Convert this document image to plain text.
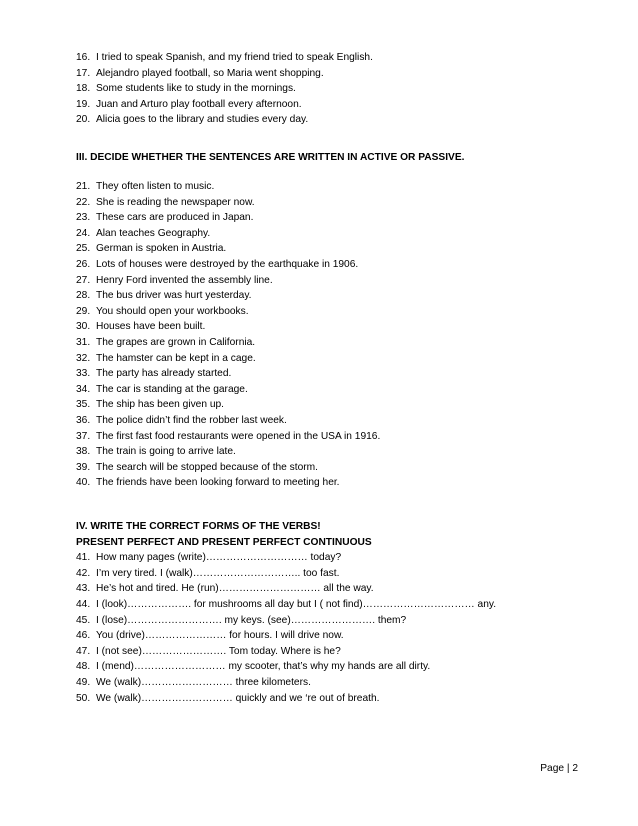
16. I tried to speak Spanish, and my friend tried to speak English.
17. Alejandro played football, so Maria went shopping.
18. Some students like to study in the mornings.
19. Juan and Arturo play football every afternoon.
20. Alicia goes to the library and studies every day.
III. DECIDE WHETHER THE SENTENCES ARE WRITTEN IN ACTIVE OR PASSIVE.
21. They often listen to music.
22. She is reading the newspaper now.
23. These cars are produced in Japan.
24. Alan teaches Geography.
25. German is spoken in Austria.
26. Lots of houses were destroyed by the earthquake in 1906.
27. Henry Ford invented the assembly line.
28. The bus driver was hurt yesterday.
29. You should open your workbooks.
30. Houses have been built.
31. The grapes are grown in California.
32. The hamster can be kept in a cage.
33. The party has already started.
34. The car is standing at the garage.
35. The ship has been given up.
36. The police didn’t find the robber last week.
37. The first fast food restaurants were opened in the USA in 1916.
38. The train is going to arrive late.
39. The search will be stopped because of the storm.
40. The friends have been looking forward to meeting her.
IV. WRITE THE CORRECT FORMS OF THE VERBS!
PRESENT PERFECT AND PRESENT PERFECT CONTINUOUS
41. How many pages (write)………………………… today?
42. I’m very tired. I (walk)………………………….. too fast.
43. He’s hot and tired. He (run)………………………… all the way.
44. I (look)………………. for mushrooms all day but I ( not find)…………………………… any.
45. I (lose)………………………. my keys. (see)……………………. them?
46. You (drive)…………………… for hours. I will drive now.
47. I (not see)……………………. Tom today. Where is he?
48. I (mend)……………………… my scooter, that’s why my hands are all dirty.
49. We (walk)……………………… three kilometers.
50. We (walk)……………………… quickly and we ‘re out of breath.
Page | 2
